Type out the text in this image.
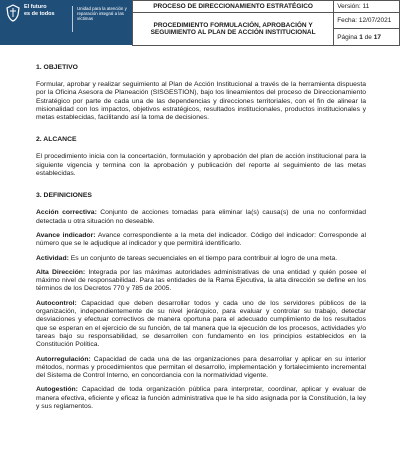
El futuro
es de todos
Unidad para la atención y reparación integral a las víctimas
PROCESO DE DIRECCIONAMIENTO ESTRATÉGICO	Versión: 11
PROCEDIMIENTO FORMULACIÓN, APROBACIÓN Y SEGUIMIENTO AL PLAN DE ACCIÓN INSTITUCIONAL	Fecha: 12/07/2021
	Página 1 de 17
1. OBJETIVO

Formular, aprobar y realizar seguimiento al Plan de Acción Institucional a través de la herramienta dispuesta por la Oficina Asesora de Planeación (SISGESTION), bajo los lineamientos del proceso de Direccionamiento Estratégico por parte de cada una de las dependencias y direcciones territoriales, con el fin de alinear la misionalidad con los impactos, objetivos estratégicos, resultados institucionales, productos institucionales y metas establecidas, facilitando así la toma de decisiones.

2. ALCANCE

El procedimiento inicia con la concertación, formulación y aprobación del plan de acción institucional para la siguiente vigencia y termina con la aprobación y publicación del reporte al seguimiento de las metas establecidas.

3. DEFINICIONES

Acción correctiva: Conjunto de acciones tomadas para eliminar la(s) causa(s) de una no conformidad detectada u otra situación no deseable.

Avance indicador: Avance correspondiente a la meta del indicador. Código del indicador: Corresponde al número que se le adjudique al indicador y que permitirá identificarlo.

Actividad: Es un conjunto de tareas secuenciales en el tiempo para contribuir al logro de una meta.

Alta Dirección: Integrada por las máximas autoridades administrativas de una entidad y quién posee el máximo nivel de responsabilidad. Para las entidades de la Rama Ejecutiva, la alta dirección se define en los términos de los Decretos 770 y 785 de 2005.

Autocontrol: Capacidad que deben desarrollar todos y cada uno de los servidores públicos de la organización, independientemente de su nivel jerárquico, para evaluar y controlar su trabajo, detectar desviaciones y efectuar correctivos de manera oportuna para el adecuado cumplimiento de los resultados que se esperan en el ejercicio de su función, de tal manera que la ejecución de los procesos, actividades y/o tareas bajo su responsabilidad, se desarrollen con fundamento en los principios establecidos en la Constitución Política.

Autorregulación: Capacidad de cada una de las organizaciones para desarrollar y aplicar en su interior métodos, normas y procedimientos que permitan el desarrollo, implementación y fortalecimiento incremental del Sistema de Control Interno, en concordancia con la normatividad vigente.

Autogestión: Capacidad de toda organización pública para interpretar, coordinar, aplicar y evaluar de manera efectiva, eficiente y eficaz la función administrativa que le ha sido asignada por la Constitución, la ley y sus reglamentos.
